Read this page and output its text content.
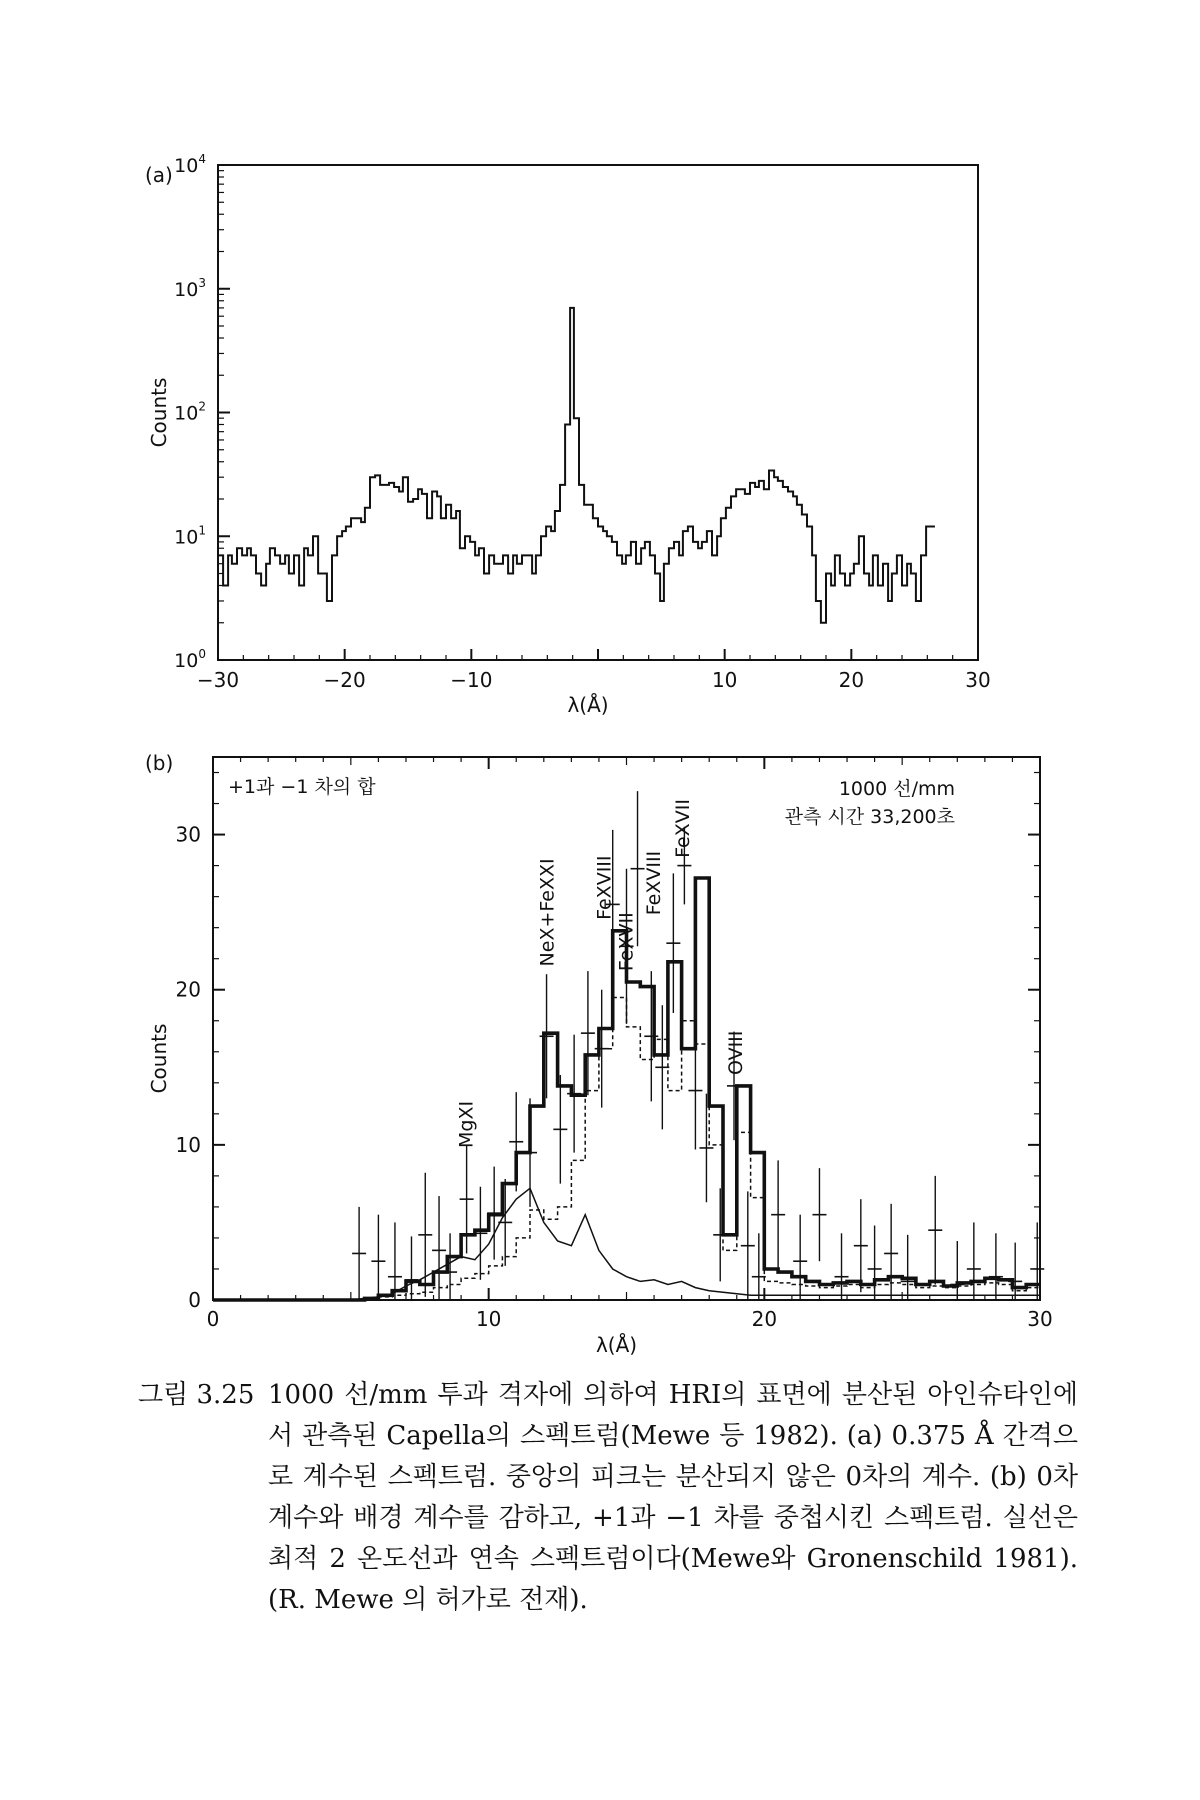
(a)
$10^0$
$10^1$
$10^2$
$10^3$
$10^4$
−30	−20	−10	10	20	30
λ(Å)
Counts
(b)
0	10	20	30
0
10
20
30
λ(Å)
Counts
+1과 −1 차의 합	1000 선/mm
관측 시간 33,200초
MgXI
NeX+FeXXI FeXVIII
FeXVII
FeXVIII
FeXVII
OVIII
그림 3.25 1000 선/mm 투과 격자에 의하여 HRI의 표면에 분산된 아인슈타인에서 관측된 Capella의 스펙트럼(Mewe 등 1982). (a) 0.375 Å 간격으로 계수된 스펙트럼. 중앙의 피크는 분산되지 않은 0차의 계수. (b) 0차 계수와 배경 계수를 감하고, +1과 −1 차를 중첩시킨 스펙트럼. 실선은 최적 2 온도선과 연속 스펙트럼이다(Mewe와 Gronenschild 1981). (R. Mewe 의 허가로 전재).
